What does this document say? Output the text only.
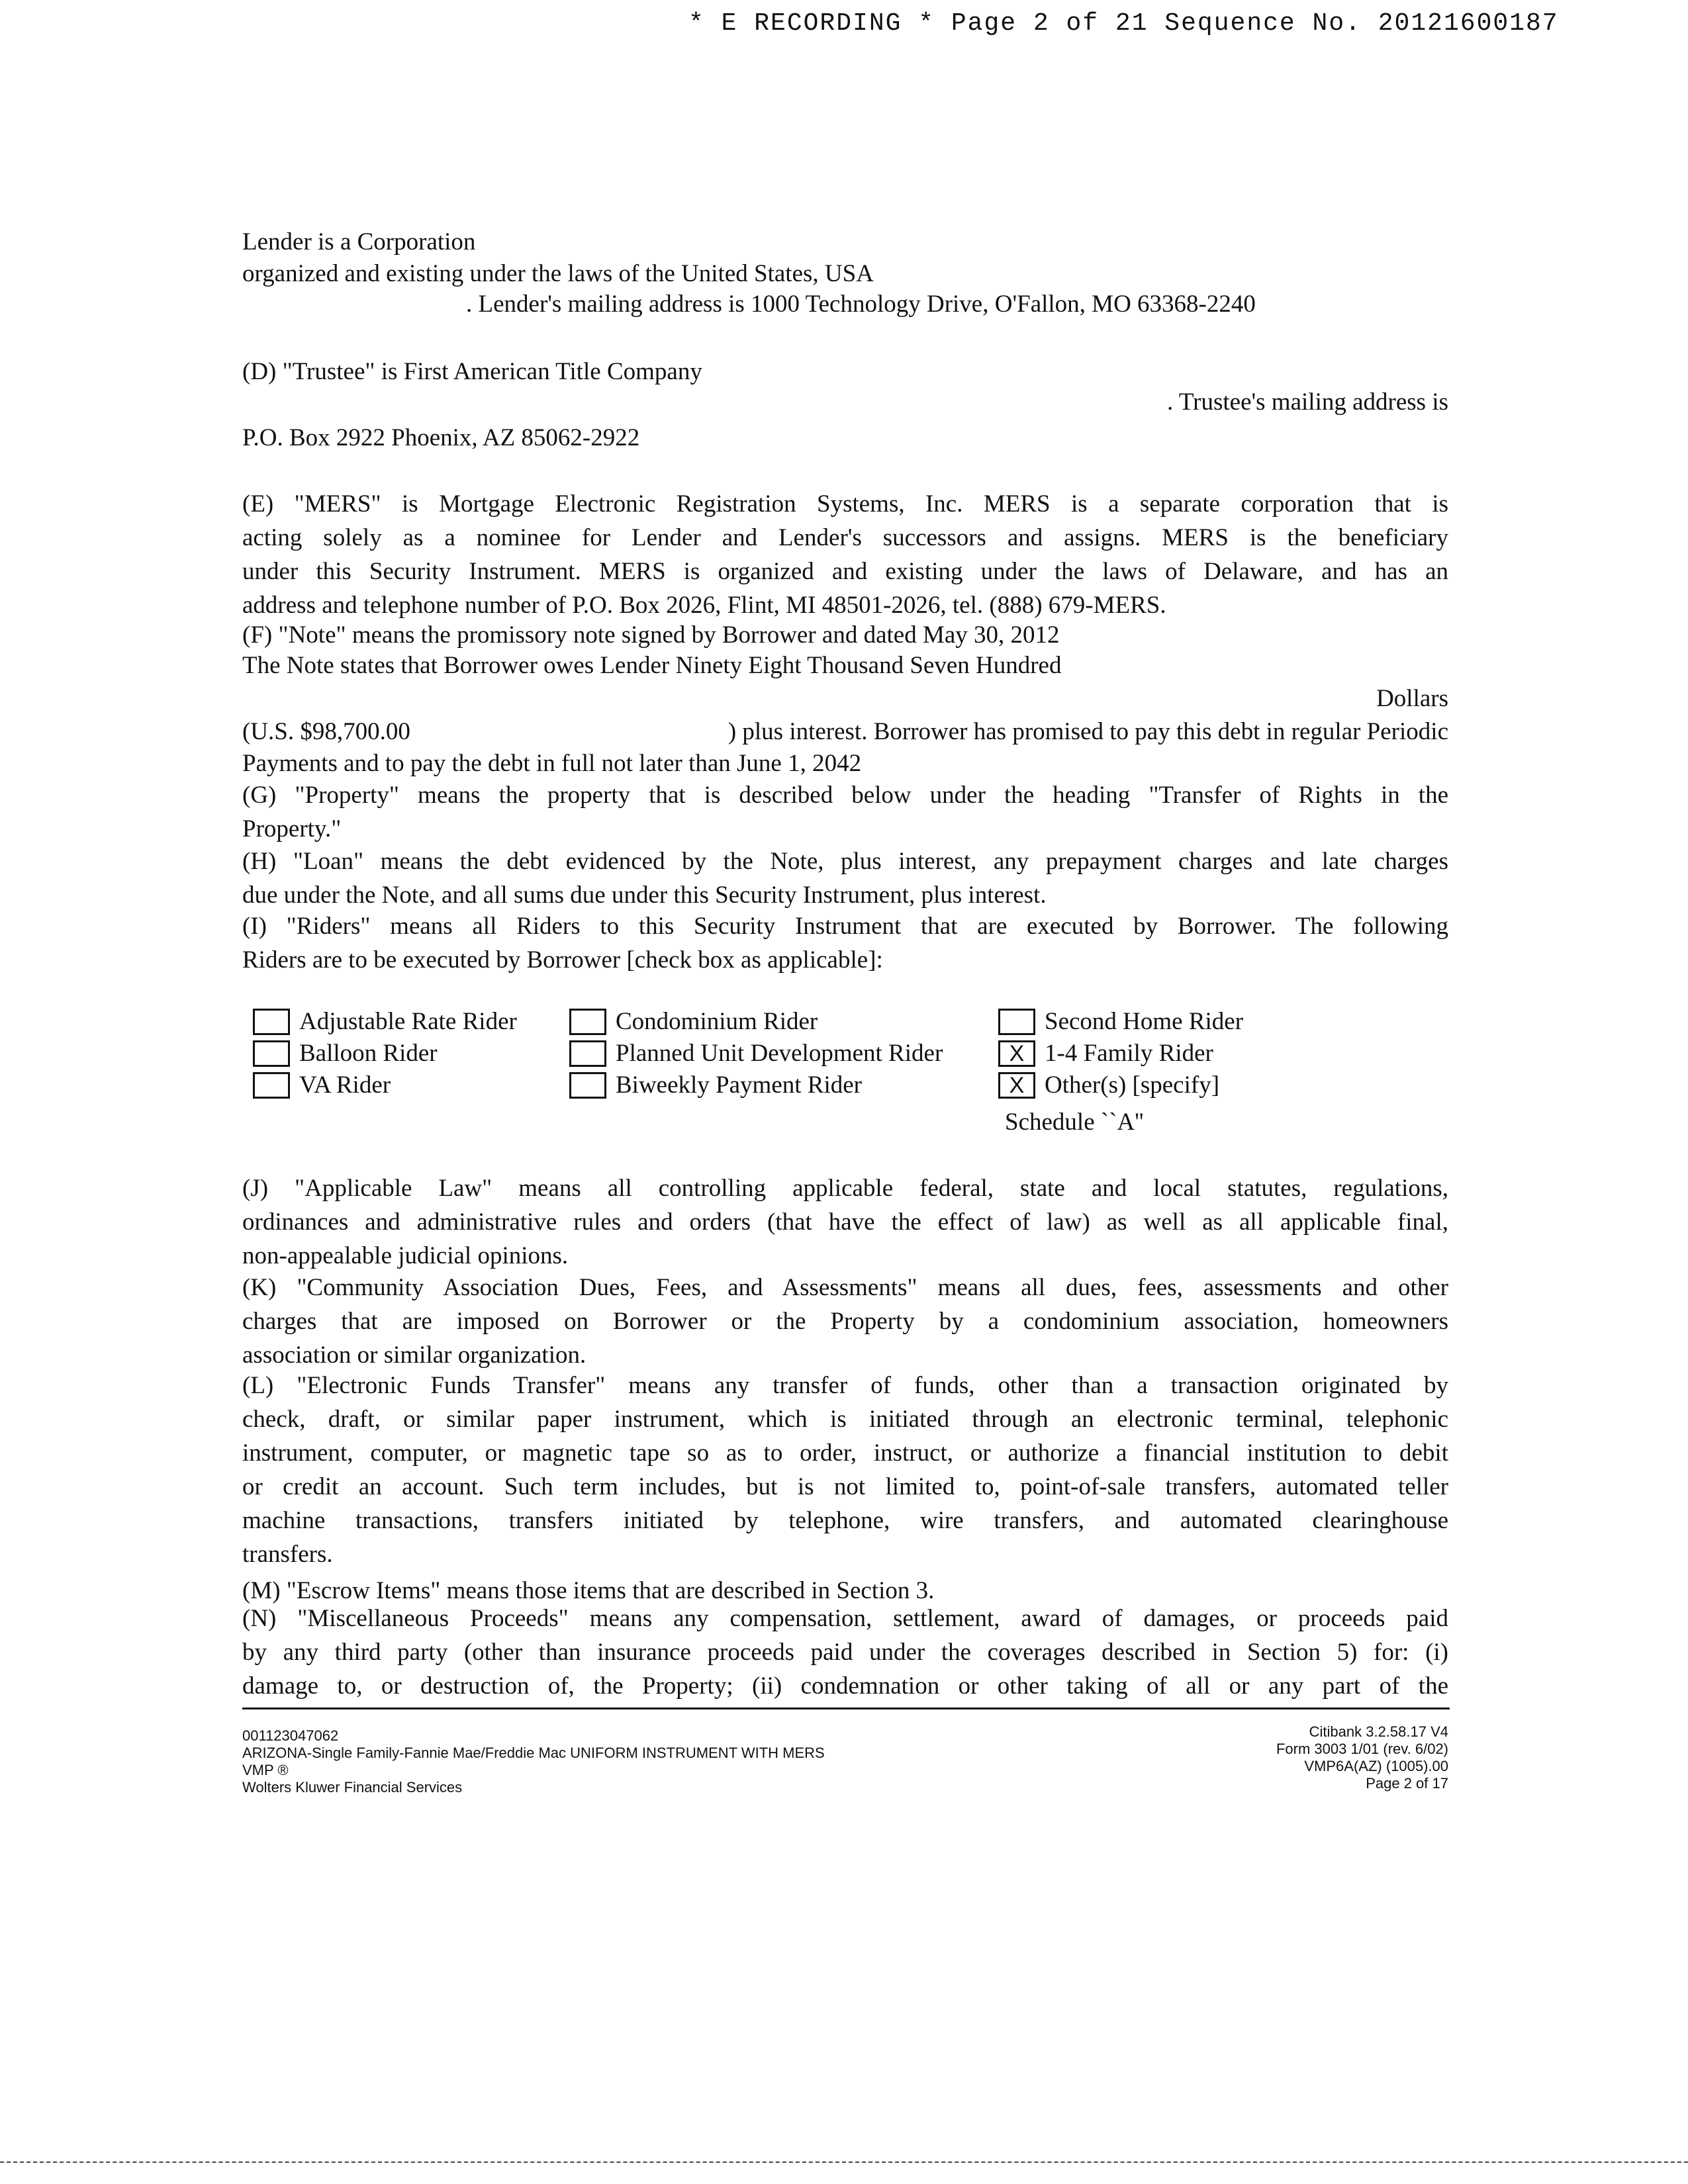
* E RECORDING * Page 2 of 21 Sequence No. 20121600187
Lender is a Corporation
organized and existing under the laws of the United States, USA
. Lender's mailing address is 1000 Technology Drive, O'Fallon, MO 63368-2240
(D) "Trustee" is First American Title Company
. Trustee's mailing address is
P.O. Box 2922 Phoenix, AZ 85062-2922
(E) "MERS" is Mortgage Electronic Registration Systems, Inc. MERS is a separate corporation that is
acting solely as a nominee for Lender and Lender's successors and assigns. MERS is the beneficiary
under this Security Instrument. MERS is organized and existing under the laws of Delaware, and has an
address and telephone number of P.O. Box 2026, Flint, MI 48501-2026, tel. (888) 679-MERS.
(F) "Note" means the promissory note signed by Borrower and dated May 30, 2012
The Note states that Borrower owes Lender Ninety Eight Thousand Seven Hundred
Dollars
(U.S. $98,700.00	) plus interest. Borrower has promised to pay this debt in regular Periodic
Payments and to pay the debt in full not later than June 1, 2042
(G) "Property" means the property that is described below under the heading "Transfer of Rights in the
Property."
(H) "Loan" means the debt evidenced by the Note, plus interest, any prepayment charges and late charges
due under the Note, and all sums due under this Security Instrument, plus interest.
(I) "Riders" means all Riders to this Security Instrument that are executed by Borrower. The following
Riders are to be executed by Borrower [check box as applicable]:
Adjustable Rate Rider
Balloon Rider
VA Rider
Condominium Rider
Planned Unit Development Rider
Biweekly Payment Rider
Second Home Rider
X 1-4 Family Rider
X Other(s) [specify]
Schedule ``A''
(J) "Applicable Law" means all controlling applicable federal, state and local statutes, regulations,
ordinances and administrative rules and orders (that have the effect of law) as well as all applicable final,
non-appealable judicial opinions.
(K) "Community Association Dues, Fees, and Assessments" means all dues, fees, assessments and other
charges that are imposed on Borrower or the Property by a condominium association, homeowners
association or similar organization.
(L) "Electronic Funds Transfer" means any transfer of funds, other than a transaction originated by
check, draft, or similar paper instrument, which is initiated through an electronic terminal, telephonic
instrument, computer, or magnetic tape so as to order, instruct, or authorize a financial institution to debit
or credit an account. Such term includes, but is not limited to, point-of-sale transfers, automated teller
machine transactions, transfers initiated by telephone, wire transfers, and automated clearinghouse
transfers.
(M) "Escrow Items" means those items that are described in Section 3.
(N) "Miscellaneous Proceeds" means any compensation, settlement, award of damages, or proceeds paid
by any third party (other than insurance proceeds paid under the coverages described in Section 5) for: (i)
damage to, or destruction of, the Property; (ii) condemnation or other taking of all or any part of the
001123047062
ARIZONA-Single Family-Fannie Mae/Freddie Mac UNIFORM INSTRUMENT WITH MERS
VMP ®
Wolters Kluwer Financial Services
Citibank 3.2.58.17 V4
Form 3003 1/01 (rev. 6/02)
VMP6A(AZ) (1005).00
Page 2 of 17
